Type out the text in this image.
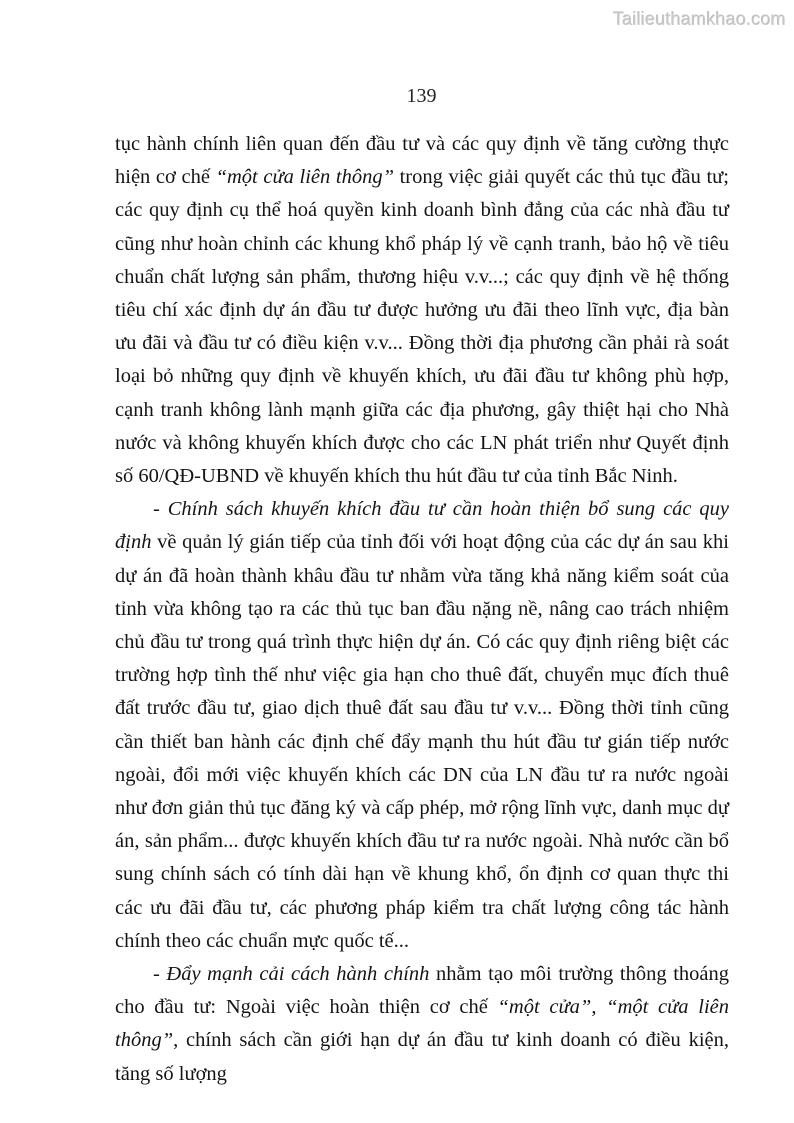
Tailieuthamkhao.com
139

tục hành chính liên quan đến đầu tư và các quy định về tăng cường thực hiện cơ chế “một cửa liên thông” trong việc giải quyết các thủ tục đầu tư; các quy định cụ thể hoá quyền kinh doanh bình đẳng của các nhà đầu tư cũng như hoàn chỉnh các khung khổ pháp lý về cạnh tranh, bảo hộ về tiêu chuẩn chất lượng sản phẩm, thương hiệu v.v...; các quy định về hệ thống tiêu chí xác định dự án đầu tư được hưởng ưu đãi theo lĩnh vực, địa bàn ưu đãi và đầu tư có điều kiện v.v... Đồng thời địa phương cần phải rà soát loại bỏ những quy định về khuyến khích, ưu đãi đầu tư không phù hợp, cạnh tranh không lành mạnh giữa các địa phương, gây thiệt hại cho Nhà nước và không khuyến khích được cho các LN phát triển như Quyết định số 60/QĐ-UBND về khuyến khích thu hút đầu tư của tỉnh Bắc Ninh.

- Chính sách khuyến khích đầu tư cần hoàn thiện bổ sung các quy định về quản lý gián tiếp của tỉnh đối với hoạt động của các dự án sau khi dự án đã hoàn thành khâu đầu tư nhằm vừa tăng khả năng kiểm soát của tỉnh vừa không tạo ra các thủ tục ban đầu nặng nề, nâng cao trách nhiệm chủ đầu tư trong quá trình thực hiện dự án. Có các quy định riêng biệt các trường hợp tình thế như việc gia hạn cho thuê đất, chuyển mục đích thuê đất trước đầu tư, giao dịch thuê đất sau đầu tư v.v... Đồng thời tỉnh cũng cần thiết ban hành các định chế đẩy mạnh thu hút đầu tư gián tiếp nước ngoài, đổi mới việc khuyến khích các DN của LN đầu tư ra nước ngoài như đơn giản thủ tục đăng ký và cấp phép, mở rộng lĩnh vực, danh mục dự án, sản phẩm... được khuyến khích đầu tư ra nước ngoài. Nhà nước cần bổ sung chính sách có tính dài hạn về khung khổ, ổn định cơ quan thực thi các ưu đãi đầu tư, các phương pháp kiểm tra chất lượng công tác hành chính theo các chuẩn mực quốc tế...

- Đẩy mạnh cải cách hành chính nhằm tạo môi trường thông thoáng cho đầu tư: Ngoài việc hoàn thiện cơ chế “một cửa”, “một cửa liên thông”, chính sách cần giới hạn dự án đầu tư kinh doanh có điều kiện, tăng số lượng
